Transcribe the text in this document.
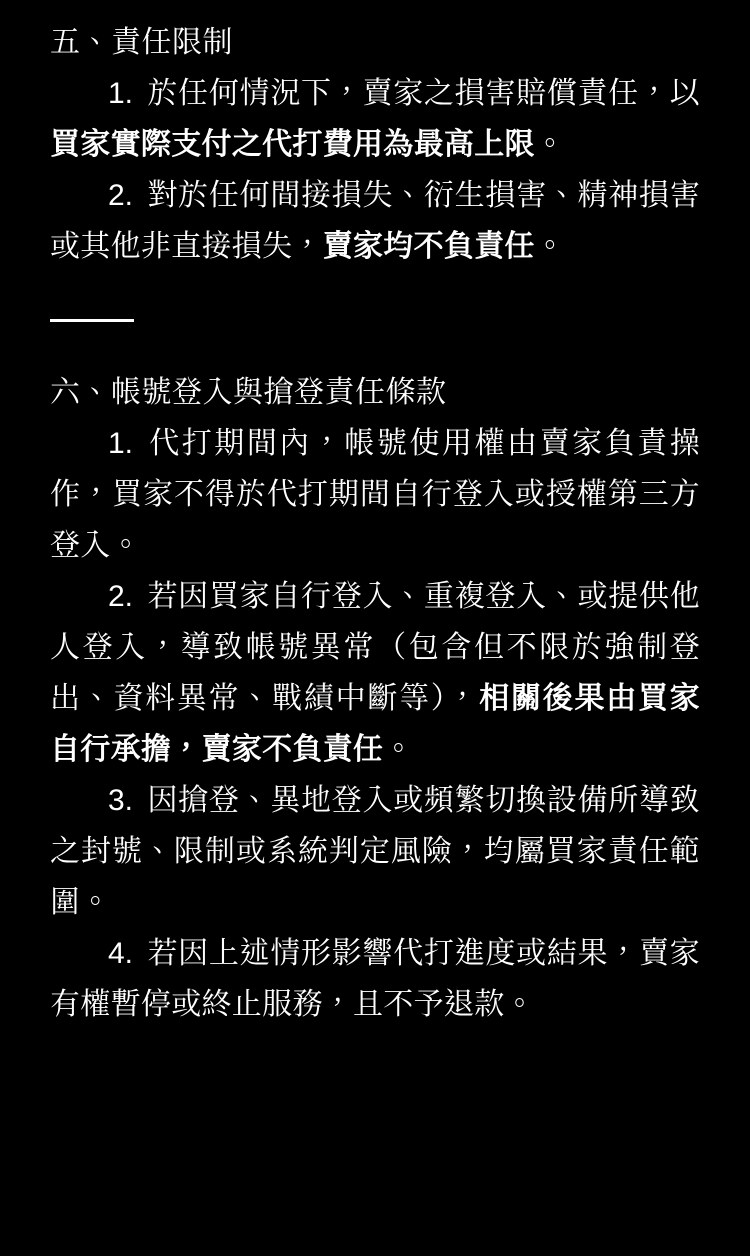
五、責任限制
1. 於任何情況下，賣家之損害賠償責任，以買家實際支付之代打費用為最高上限。
2. 對於任何間接損失、衍生損害、精神損害或其他非直接損失，賣家均不負責任。
六、帳號登入與搶登責任條款
1. 代打期間內，帳號使用權由賣家負責操作，買家不得於代打期間自行登入或授權第三方登入。
2. 若因買家自行登入、重複登入、或提供他人登入，導致帳號異常（包含但不限於強制登出、資料異常、戰績中斷等），相關後果由買家自行承擔，賣家不負責任。
3. 因搶登、異地登入或頻繁切換設備所導致之封號、限制或系統判定風險，均屬買家責任範圍。
4. 若因上述情形影響代打進度或結果，賣家有權暫停或終止服務，且不予退款。
